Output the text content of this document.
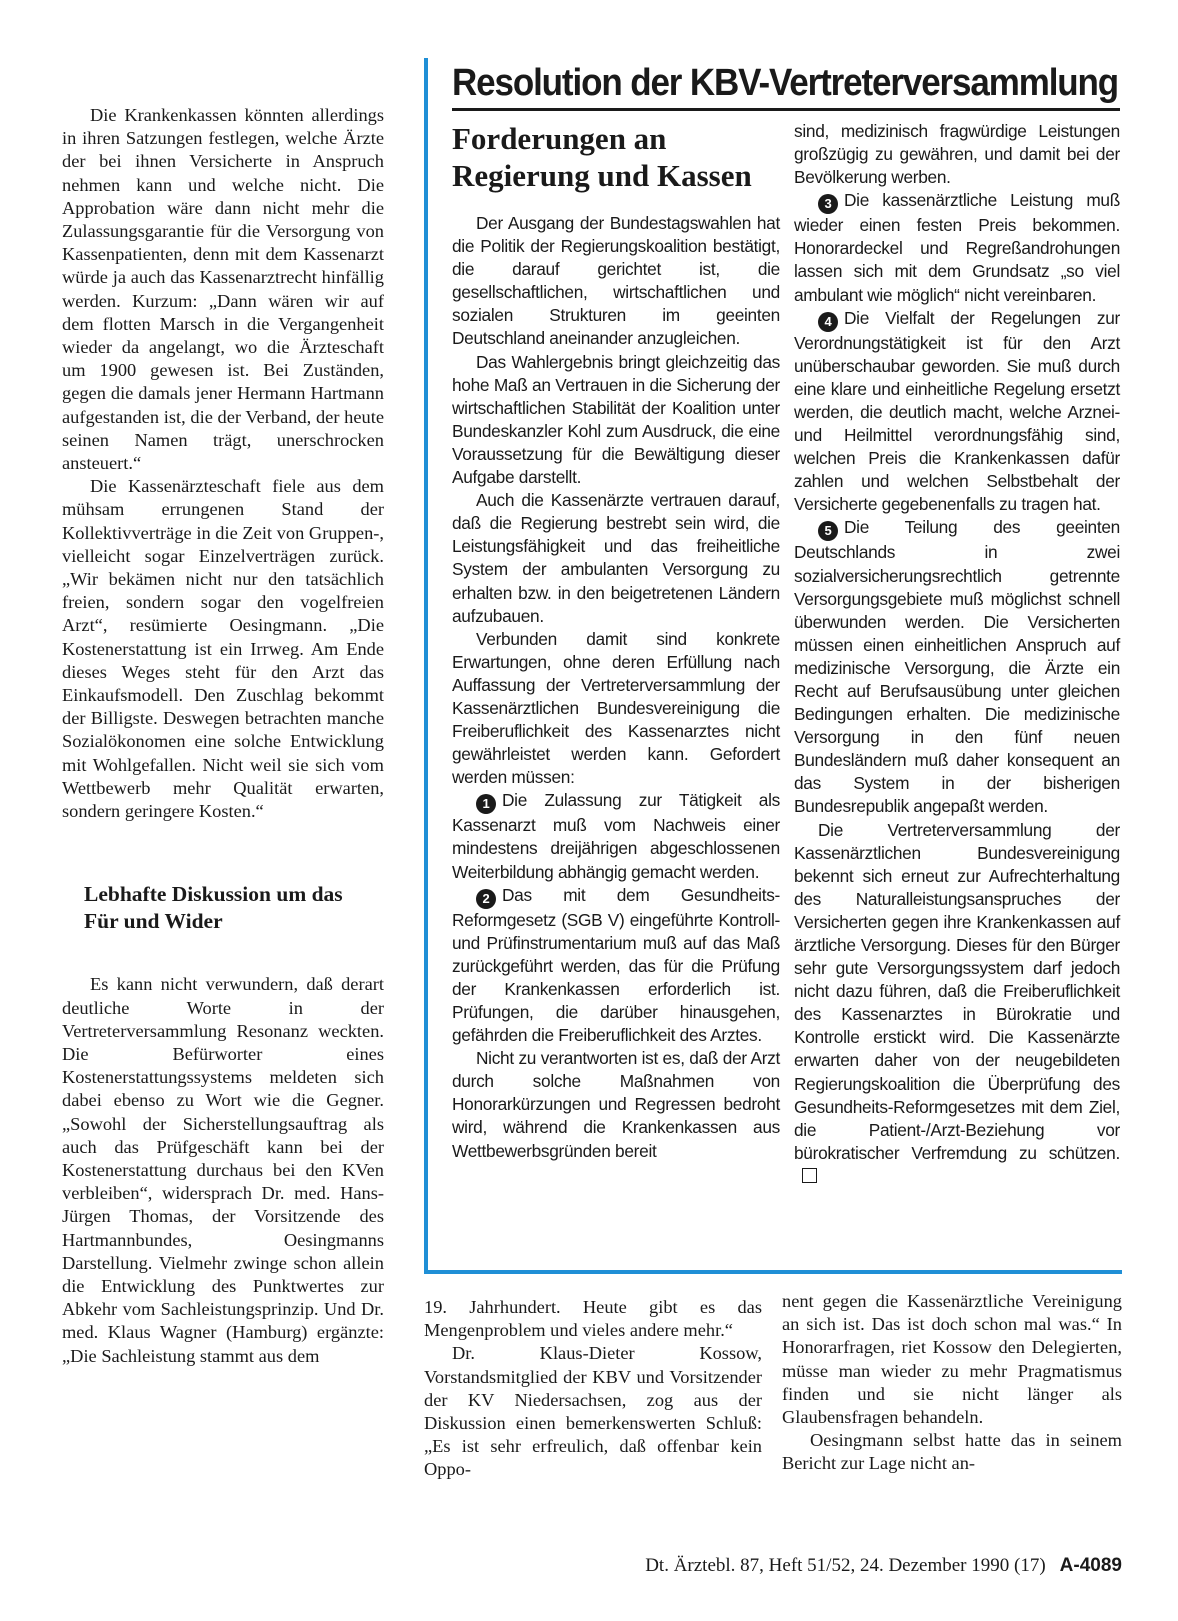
Die Krankenkassen könnten allerdings in ihren Satzungen festlegen, welche Ärzte der bei ihnen Versicherte in Anspruch nehmen kann und welche nicht. Die Approbation wäre dann nicht mehr die Zulassungsgarantie für die Versorgung von Kassenpatienten, denn mit dem Kassenarzt würde ja auch das Kassenarztrecht hinfällig werden. Kurzum: „Dann wären wir auf dem flotten Marsch in die Vergangenheit wieder da angelangt, wo die Ärzteschaft um 1900 gewesen ist. Bei Zuständen, gegen die damals jener Hermann Hartmann aufgestanden ist, die der Verband, der heute seinen Namen trägt, unerschrocken ansteuert.“

Die Kassenärzteschaft fiele aus dem mühsam errungenen Stand der Kollektivverträge in die Zeit von Gruppen-, vielleicht sogar Einzelverträgen zurück. „Wir bekämen nicht nur den tatsächlich freien, sondern sogar den vogelfreien Arzt“, resümierte Oesingmann. „Die Kostenerstattung ist ein Irrweg. Am Ende dieses Weges steht für den Arzt das Einkaufsmodell. Den Zuschlag bekommt der Billigste. Deswegen betrachten manche Sozialökonomen eine solche Entwicklung mit Wohlgefallen. Nicht weil sie sich vom Wettbewerb mehr Qualität erwarten, sondern geringere Kosten.“

Lebhafte Diskussion um das Für und Wider

Es kann nicht verwundern, daß derart deutliche Worte in der Vertreterversammlung Resonanz weckten. Die Befürworter eines Kostenerstattungssystems meldeten sich dabei ebenso zu Wort wie die Gegner. „Sowohl der Sicherstellungsauftrag als auch das Prüfgeschäft kann bei der Kostenerstattung durchaus bei den KVen verbleiben“, widersprach Dr. med. Hans-Jürgen Thomas, der Vorsitzende des Hartmannbundes, Oesingmanns Darstellung. Vielmehr zwinge schon allein die Entwicklung des Punktwertes zur Abkehr vom Sachleistungsprinzip. Und Dr. med. Klaus Wagner (Hamburg) ergänzte: „Die Sachleistung stammt aus dem

Resolution der KBV-Vertreterversammlung
Forderungen an Regierung und Kassen

Der Ausgang der Bundestagswahlen hat die Politik der Regierungskoalition bestätigt, die darauf gerichtet ist, die gesellschaftlichen, wirtschaftlichen und sozialen Strukturen im geeinten Deutschland aneinander anzugleichen.

Das Wahlergebnis bringt gleichzeitig das hohe Maß an Vertrauen in die Sicherung der wirtschaftlichen Stabilität der Koalition unter Bundeskanzler Kohl zum Ausdruck, die eine Voraussetzung für die Bewältigung dieser Aufgabe darstellt.

Auch die Kassenärzte vertrauen darauf, daß die Regierung bestrebt sein wird, die Leistungsfähigkeit und das freiheitliche System der ambulanten Versorgung zu erhalten bzw. in den beigetretenen Ländern aufzubauen.

Verbunden damit sind konkrete Erwartungen, ohne deren Erfüllung nach Auffassung der Vertreterversammlung der Kassenärztlichen Bundesvereinigung die Freiberuflichkeit des Kassenarztes nicht gewährleistet werden kann. Gefordert werden müssen:

1 Die Zulassung zur Tätigkeit als Kassenarzt muß vom Nachweis einer mindestens dreijährigen abgeschlossenen Weiterbildung abhängig gemacht werden.

2 Das mit dem Gesundheits-Reformgesetz (SGB V) eingeführte Kontroll- und Prüfinstrumentarium muß auf das Maß zurückgeführt werden, das für die Prüfung der Krankenkassen erforderlich ist. Prüfungen, die darüber hinausgehen, gefährden die Freiberuflichkeit des Arztes.

Nicht zu verantworten ist es, daß der Arzt durch solche Maßnahmen von Honorarkürzungen und Regressen bedroht wird, während die Krankenkassen aus Wettbewerbsgründen bereit

sind, medizinisch fragwürdige Leistungen großzügig zu gewähren, und damit bei der Bevölkerung werben.

3 Die kassenärztliche Leistung muß wieder einen festen Preis bekommen. Honorardeckel und Regreßandrohungen lassen sich mit dem Grundsatz „so viel ambulant wie möglich“ nicht vereinbaren.

4 Die Vielfalt der Regelungen zur Verordnungstätigkeit ist für den Arzt unüberschaubar geworden. Sie muß durch eine klare und einheitliche Regelung ersetzt werden, die deutlich macht, welche Arznei- und Heilmittel verordnungsfähig sind, welchen Preis die Krankenkassen dafür zahlen und welchen Selbstbehalt der Versicherte gegebenenfalls zu tragen hat.

5 Die Teilung des geeinten Deutschlands in zwei sozialversicherungsrechtlich getrennte Versorgungsgebiete muß möglichst schnell überwunden werden. Die Versicherten müssen einen einheitlichen Anspruch auf medizinische Versorgung, die Ärzte ein Recht auf Berufsausübung unter gleichen Bedingungen erhalten. Die medizinische Versorgung in den fünf neuen Bundesländern muß daher konsequent an das System in der bisherigen Bundesrepublik angepaßt werden.

Die Vertreterversammlung der Kassenärztlichen Bundesvereinigung bekennt sich erneut zur Aufrechterhaltung des Naturalleistungsanspruches der Versicherten gegen ihre Krankenkassen auf ärztliche Versorgung. Dieses für den Bürger sehr gute Versorgungssystem darf jedoch nicht dazu führen, daß die Freiberuflichkeit des Kassenarztes in Bürokratie und Kontrolle erstickt wird. Die Kassenärzte erwarten daher von der neugebildeten Regierungskoalition die Überprüfung des Gesundheits-Reformgesetzes mit dem Ziel, die Patient-/Arzt-Beziehung vor bürokratischer Verfremdung zu schützen.

19. Jahrhundert. Heute gibt es das Mengenproblem und vieles andere mehr.“

Dr. Klaus-Dieter Kossow, Vorstandsmitglied der KBV und Vorsitzender der KV Niedersachsen, zog aus der Diskussion einen bemerkenswerten Schluß: „Es ist sehr erfreulich, daß offenbar kein Oppo-

nent gegen die Kassenärztliche Vereinigung an sich ist. Das ist doch schon mal was.“ In Honorarfragen, riet Kossow den Delegierten, müsse man wieder zu mehr Pragmatismus finden und sie nicht länger als Glaubensfragen behandeln.

Oesingmann selbst hatte das in seinem Bericht zur Lage nicht an-

Dt. Ärztebl. 87, Heft 51/52, 24. Dezember 1990 (17) A-4089
